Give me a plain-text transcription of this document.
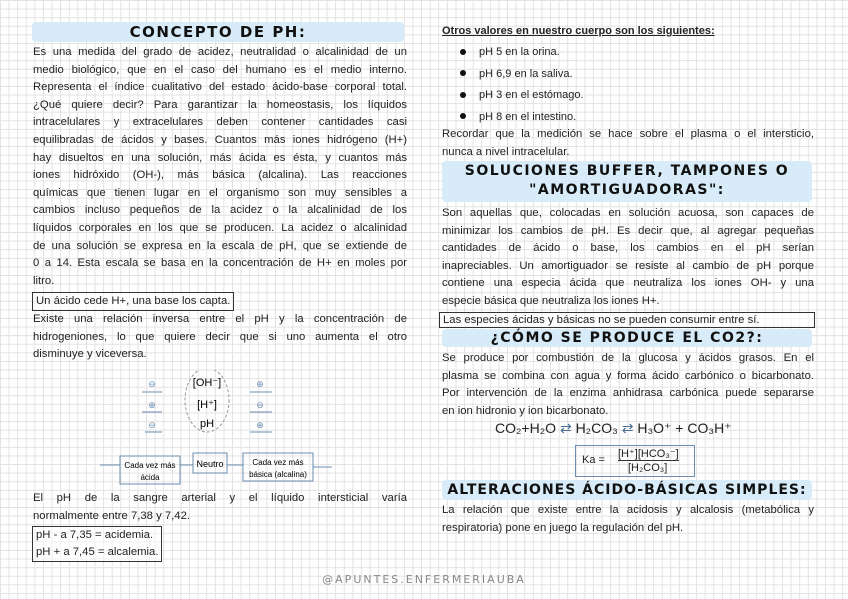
CONCEPTO DE PH:
Es una medida del grado de acidez, neutralidad o alcalinidad de un
medio biológico, que en el caso del humano es el medio interno.
Representa el índice cualitativo del estado ácido-base corporal total.
¿Qué quiere decir? Para garantizar la homeostasis, los líquidos
intracelulares y extracelulares deben contener cantidades casi
equilibradas de ácidos y bases. Cuantos más iones hidrógeno (H+)
hay disueltos en una solución, más ácida es ésta, y cuantos más
iones hidróxido (OH-), más básica (alcalina). Las reacciones
químicas que tienen lugar en el organismo son muy sensibles a
cambios incluso pequeños de la acidez o la alcalinidad de los
líquidos corporales en los que se producen. La acidez o alcalinidad
de una solución se expresa en la escala de pH, que se extiende de
0 a 14. Esta escala se basa en la concentración de H+ en moles por
litro.
Un ácido cede H+, una base los capta.
Existe una relación inversa entre el pH y la concentración de
hidrogeniones, lo que quiere decir que si uno aumenta el otro
disminuye y viceversa.
[OH⁻]
[H⁺]
pH
⊖
⊕
⊖
⊕
⊖
⊕
Cada vez más
ácida
Neutro	Cada vez más
básica (alcalina)
El pH de la sangre arterial y el líquido intersticial varía
normalmente entre 7,38 y 7,42.
pH - a 7,35 = acidemia.
pH + a 7,45 = alcalemia.
Otros valores en nuestro cuerpo son los siguientes:
pH 5 en la orina.
pH 6,9 en la saliva.
pH 3 en el estómago.
pH 8 en el intestino.
Recordar que la medición se hace sobre el plasma o el intersticio,
nunca a nivel intracelular.
SOLUCIONES BUFFER, TAMPONES O
"AMORTIGUADORAS":
Son aquellas que, colocadas en solución acuosa, son capaces de
minimizar los cambios de pH. Es decir que, al agregar pequeñas
cantidades de ácido o base, los cambios en el pH serían
inapreciables. Un amortiguador se resiste al cambio de pH porque
contiene una especia ácida que neutraliza los iones OH- y una
especie básica que neutraliza los iones H+.
Las especies ácidas y básicas no se pueden consumir entre sí.
¿CÓMO SE PRODUCE EL CO2?:
Se produce por combustión de la glucosa y ácidos grasos. En el
plasma se combina con agua y forma ácido carbónico o bicarbonato.
Por intervención de la enzima anhidrasa carbónica puede separarse
en ion hidronio y ion bicarbonato.
CO₂+H₂O ⇄ H₂CO₃ ⇄ H₃O⁺ + CO₃H⁺
Ka = [H⁺][HCO₃⁻]
[H₂CO₃]
ALTERACIONES ÁCIDO-BÁSICAS SIMPLES:
La relación que existe entre la acidosis y alcalosis (metabólica y
respiratoria) pone en juego la regulación del pH.
@APUNTES.ENFERMERIAUBA
